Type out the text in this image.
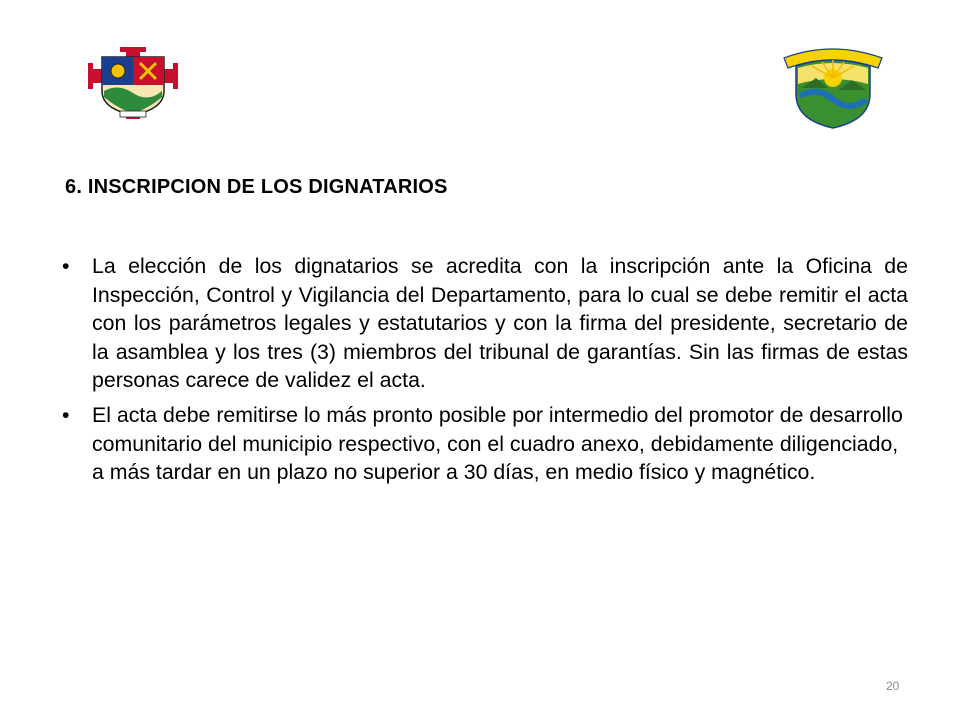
6. INSCRIPCION DE LOS DIGNATARIOS
• La elección de los dignatarios se acredita con la inscripción ante la Oficina de Inspección, Control y Vigilancia del Departamento, para lo cual se debe remitir el acta con los parámetros legales y estatutarios y con la firma del presidente, secretario de la asamblea y los tres (3) miembros del tribunal de garantías. Sin las firmas de estas personas carece de validez el acta.
• El acta debe remitirse lo más pronto posible por intermedio del promotor de desarrollo comunitario del municipio respectivo, con el cuadro anexo, debidamente diligenciado, a más tardar en un plazo no superior a 30 días, en medio físico y magnético.
20
